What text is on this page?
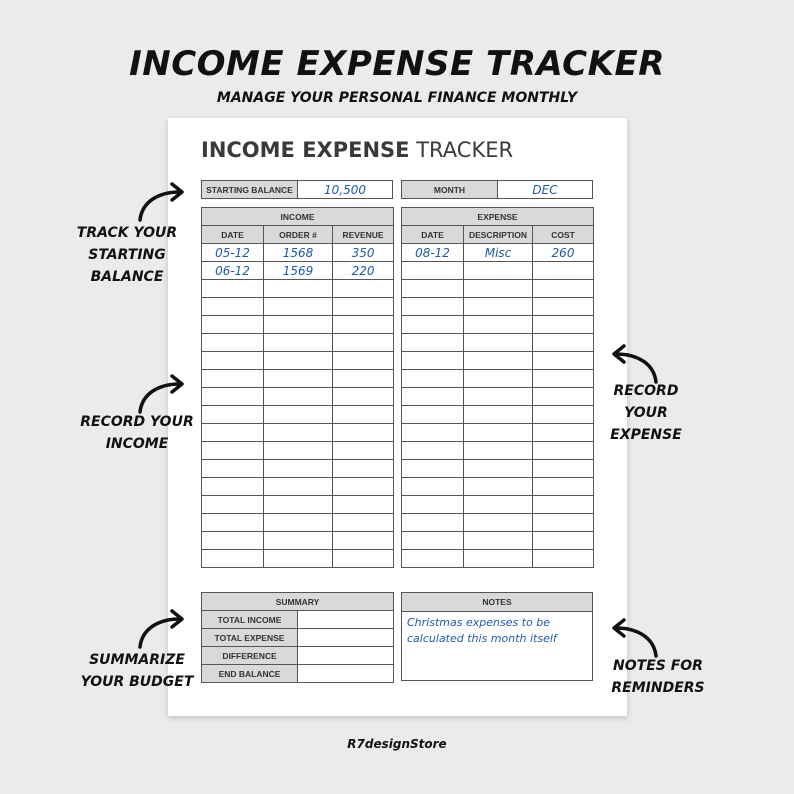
INCOME EXPENSE TRACKER
MANAGE YOUR PERSONAL FINANCE MONTHLY
INCOME EXPENSE TRACKER
STARTING BALANCE	10,500	MONTH	DEC
INCOME		
DATE	ORDER #	REVENUE
05-12	1568	350
06-12	1569	220

EXPENSE		
DATE	DESCRIPTION	COST
08-12	Misc	260

SUMMARY	
TOTAL INCOME	
TOTAL EXPENSE	
DIFFERENCE	
END BALANCE	
NOTES
Christmas expenses to be calculated this month itself
TRACK YOUR
STARTING
BALANCE
RECORD YOUR
INCOME
RECORD YOUR
EXPENSE
SUMMARIZE
YOUR BUDGET
NOTES FOR
REMINDERS
R7designStore
